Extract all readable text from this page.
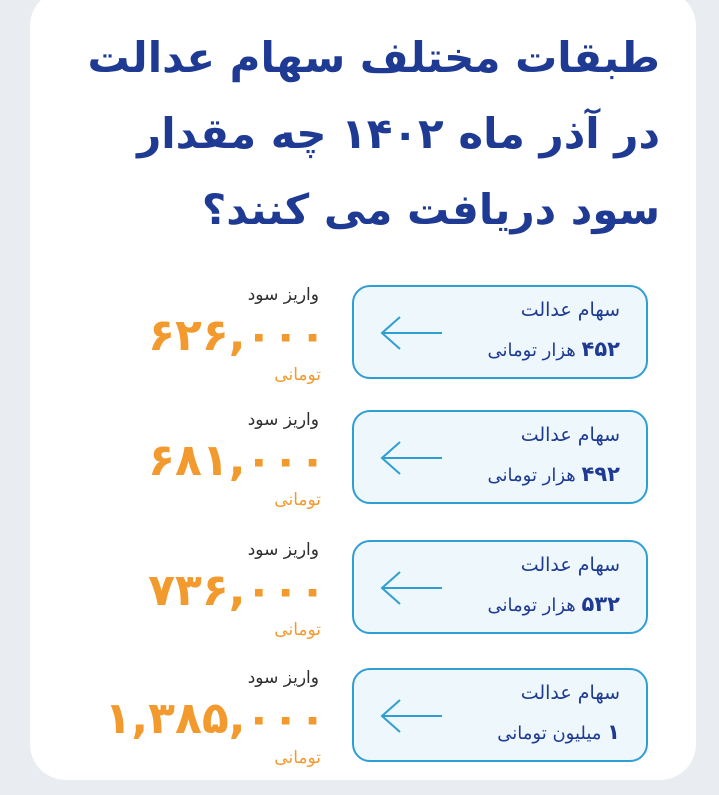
طبقات مختلف سهام عدالت
در آذر ماه ۱۴۰۲ چه مقدار
سود دریافت می کنند؟
سهام عدالت
۴۵۲ هزار تومانی
واریز سود
۶۲۶,۰۰۰
تومانی
سهام عدالت
۴۹۲ هزار تومانی
واریز سود
۶۸۱,۰۰۰
تومانی
سهام عدالت
۵۳۲ هزار تومانی
واریز سود
۷۳۶,۰۰۰
تومانی
سهام عدالت
۱ میلیون تومانی
واریز سود
۱,۳۸۵,۰۰۰
تومانی
